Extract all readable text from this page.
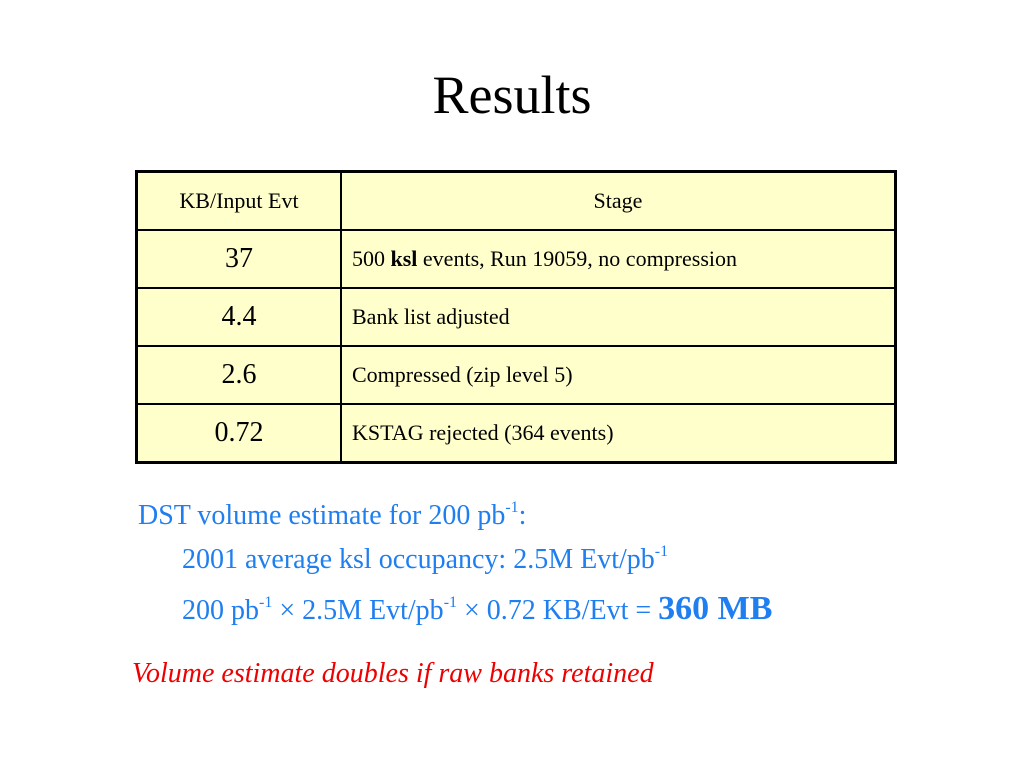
Results
KB/Input Evt	Stage
37	500 ksl events, Run 19059, no compression
4.4	Bank list adjusted
2.6	Compressed (zip level 5)
0.72	KSTAG rejected (364 events)
DST volume estimate for 200 $pb^{-1}$:
2001 average ksl occupancy: 2.5M Evt/$pb^{-1}$
200 $pb^{-1} \times 2.5M$ Evt/$pb^{-1} \times 0.72$ KB/Evt = 360 MB
Volume estimate doubles if raw banks retained
